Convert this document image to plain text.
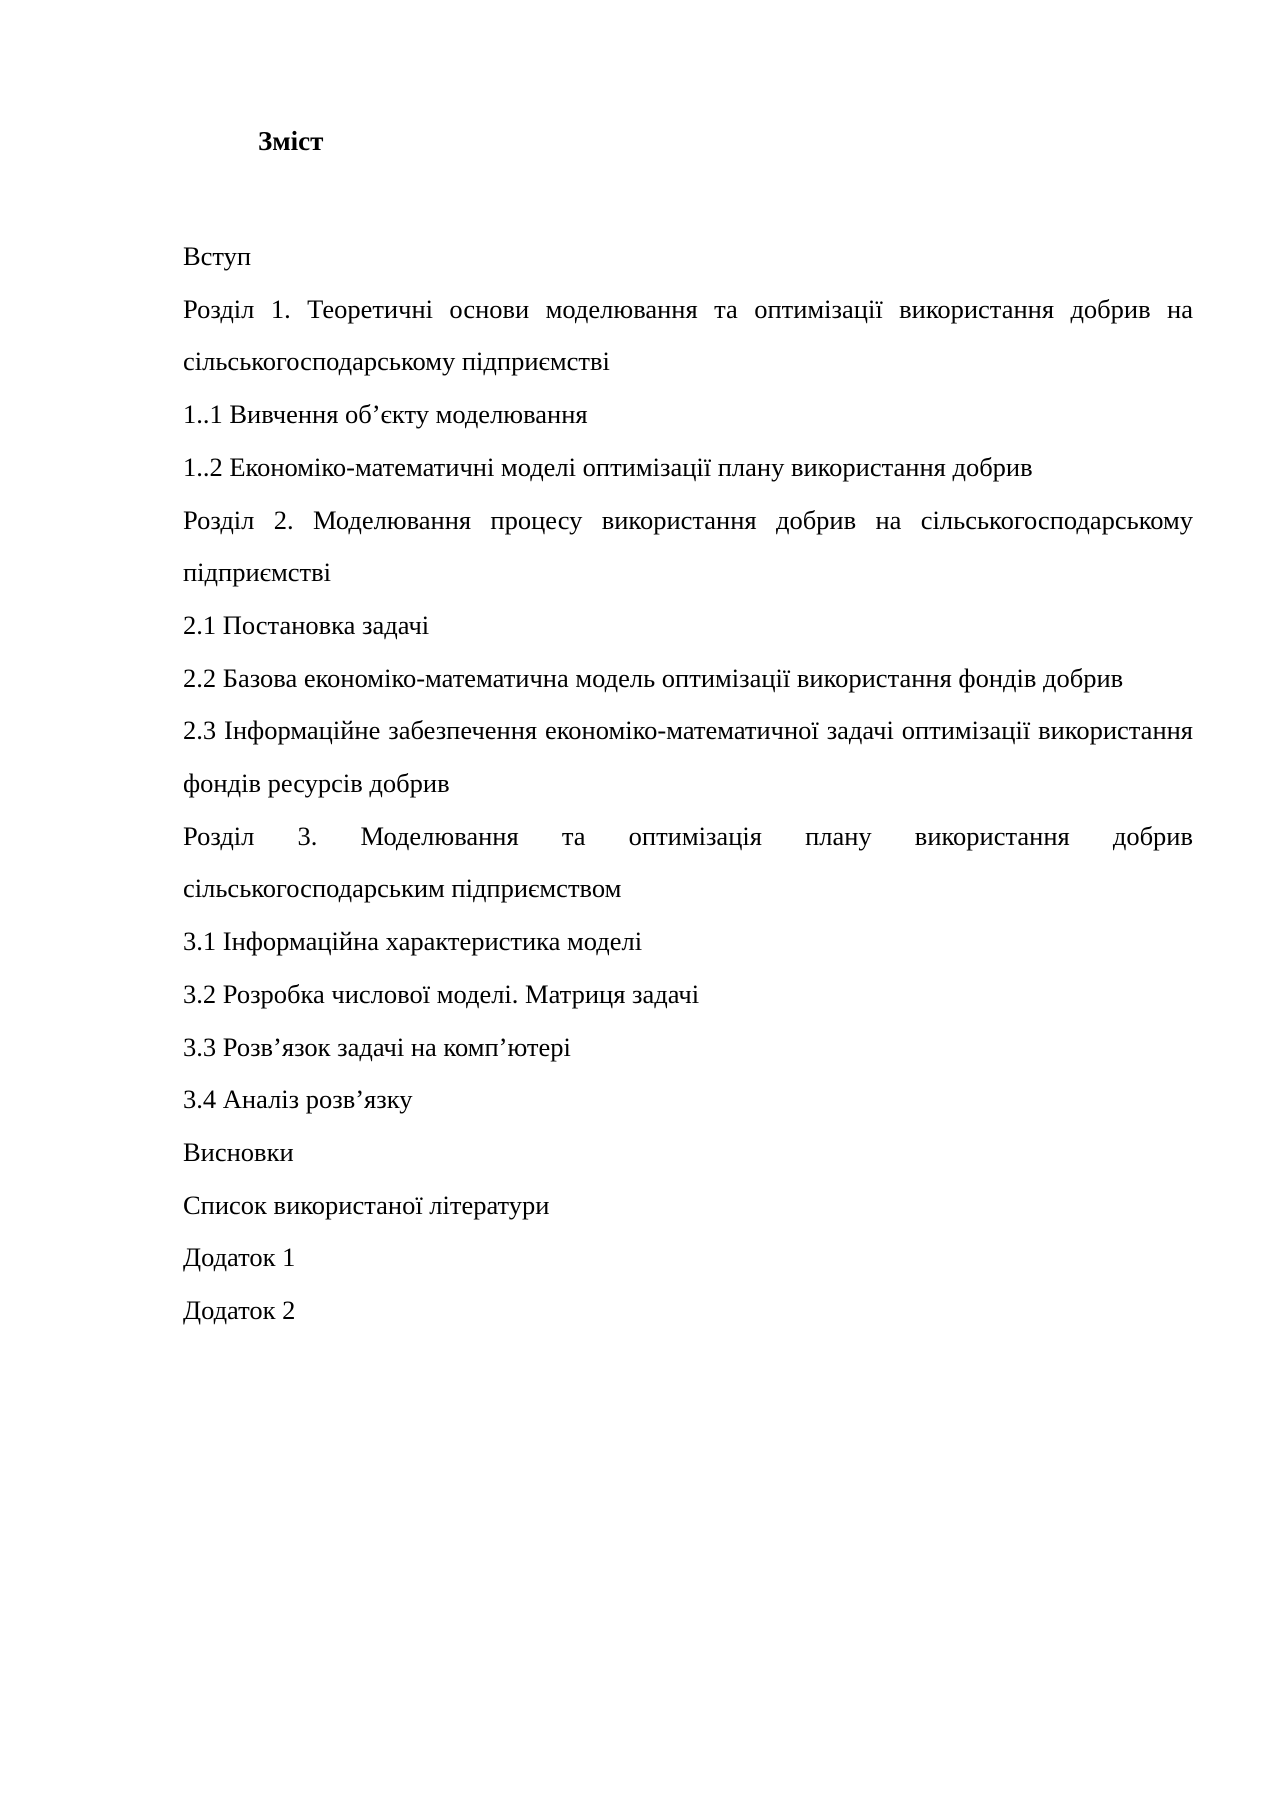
Зміст
Вступ
Розділ 1. Теоретичні основи моделювання та оптимізації використання добрив на сільськогосподарському підприємстві
1..1 Вивчення об’єкту моделювання
1..2 Економіко-математичні моделі оптимізації плану використання добрив
Розділ 2. Моделювання процесу використання добрив на сільськогосподарському підприємстві
2.1 Постановка задачі
2.2 Базова економіко-математична модель оптимізації використання фондів добрив
2.3 Інформаційне забезпечення економіко-математичної задачі оптимізації використання фондів ресурсів добрив
Розділ 3. Моделювання та оптимізація плану використання добрив сільськогосподарським підприємством
3.1 Інформаційна характеристика моделі
3.2 Розробка числової моделі. Матриця задачі
3.3 Розв’язок задачі на комп’ютері
3.4 Аналіз розв’язку
Висновки
Список використаної літератури
Додаток 1
Додаток 2
